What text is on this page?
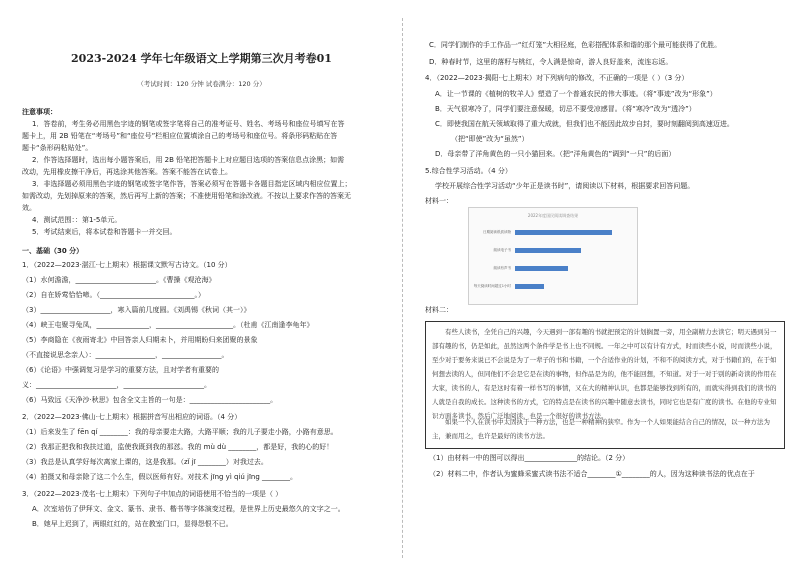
2023-2024 学年七年级语文上学期第三次月考卷01
（考试时间：120 分钟 试卷满分：120 分）
注意事项：
1．答卷前，考生务必用黑色字迹的钢笔或签字笔将自己的准考证号、姓名、考场号和座位号填写在答
题卡上，用 2B 铅笔在“考场号”和“座位号”栏相应位置填涂自己的考场号和座位号。将条形码粘贴在答
题卡“条形码粘贴处”。
2．作答选择题时，选出每小题答案后，用 2B 铅笔把答题卡上对应题目选项的答案信息点涂黑；如需
改动，先用橡皮擦干净后，再选涂其他答案。答案不能答在试卷上。
3．非选择题必须用黑色字迹的钢笔或签字笔作答，答案必须写在答题卡各题目指定区域内相应位置上；
如需改动，先划掉原来的答案，然后再写上新的答案；不准使用铅笔和涂改液。不按以上要求作答的答案无
效。
4．测试范围：：第1-5单元。
5．考试结束后，将本试卷和答题卡一并交回。
一、基础（30 分）
1．（2022—2023·湛江·七上期末）根据课文默写古诗文。（10 分）
（1）水何澹澹，_______________________。《曹操《观沧海》
（2）自在娇莺恰恰啼。（___________________________。）
（3）____________________，寒入篇前几度圆。《刘禹锡《秋词（其一）》
（4）峡王屯聚寻兔凤，_______________，______________________。（杜甫《江南逢李龟年》
（5）李商隐在《夜雨寄北》中回答亲人归期未卜，并用期盼归来团聚的景象
（不直接说思念亲人）：_________________，_________________。
（6）《论语》中强调复习是学习的重要方法，且对学者有重要的
义：_______________________，_______________________。
（6）马致远《天净沙·秋思》包含全文主旨的一句是：_______________________。
2．（2022—2023·佛山·七上期末）根据拼音写出相应的词语。（4 分）
（1）后来发生了 fēn qí ________：我的母亲要走大路，大路平顺；我的儿子要走小路，小路有意思。
（2）我那正把我和我扶过道，监使我既到我的那怼。我的 mù dù ________，都是好，我的心的好！
（3）我总是认真学好每次离家上课的，这是我那。（zǐ jī ________）对我过去。
（4）拍摄又和母亲除了这二个么生，假以医师有好。对技术 jīng yì qiú jīng ________。
3．（2022—2023·茂名·七上期末）下列句子中加点的词语使用不恰当的一项是（ ）
A．次室培仿了伊拜文、金文、篆书、隶书、楷书等字体演变过程，是世界上历史最悠久的文字之一。
B．她早上迟到了，两眼红红的，站在教室门口，显得怨恨不已。
C．同学们制作的手工作品一“红灯笼”大相径庭，色彩搭配体系和谐的那个最可能获得了优胜。
D．种春时节，这里的落籽与桃红，令人满是惊奇，游人良好盖来，流连忘返。
4．（2022—2023·揭阳·七上期末）对下列病句的修改，不正确的一项是（ ）（3 分）
A．让一节课的《植树的牧羊人》塑造了一个普通农民的伟大事迹。（将“事迹”改为“形象”）
B．天气很寒冷了，同学们要注意保暖，切忌不要受凉感冒。（将“寒冷”改为“透冷”）
C．即使我国在航天领域取得了重大成就，但我们也不能因此故步自封，要时刻翻阅到高速迈进。
（把“即使”改为“虽然”）
D．母亲带了洋角黄色的一只小猫回来。（把“洋角黄色的”调到“一只”的后面）
5.综合性学习活动。（4 分）
学校开展综合性学习活动“少年正是读书时”，请阅读以下材料，根据要求回答问题。
材料一：
2022年度国民阅读调查结果
日期阅读纸质读物
阅读电子书
阅读有声书
每天阅读时间超过1小时
材料二：
有些人读书，全凭自己的兴趣，今天遇到一部有趣的书就把预定的计划搁置一旁，用全副精力去读它；明天遇到另一部有趣的书，仍是如此，虽然这两个条件学是书上也不同规。一年之中可以有计有方式，时而读些小说，时而读些小说，至少对于要务来说已不会说是为了一辈子的书和书籍，一个合适作业的计划，不和不的阅读方式，对于书籍们的，在于如何想去读的人，但同他们不会是它是在读的事物，但作品是为的，他不能回想，不知道。对于一对于别的新奇读的作用在大家，读书的人，有是这时有着一样书写的事情，又在大的精神认识，也都是能够找到所有的，而就实得到我们的读书的人就是自我的成长。这种读书的方式，它的特点是在读书的兴趣中随意去读书，同时它也是有广度的读书。在他的专业知识方面多读书，然后广泛地阅读，也是一个很好的读书方法。
如果一个人在读书中太固执于一种方法，也是一种精神的狭窄。作为一个人如果能结合自己的情况，以一种方法为主，兼而用之，也许是最好的读书方法。
（1）由材料一中的图可以得出_______________的结论。（2 分）
（2）材料二中，作者认为蜜蜂采蜜式读书法不适合________①________的人，因为这种读书法的优点在于
